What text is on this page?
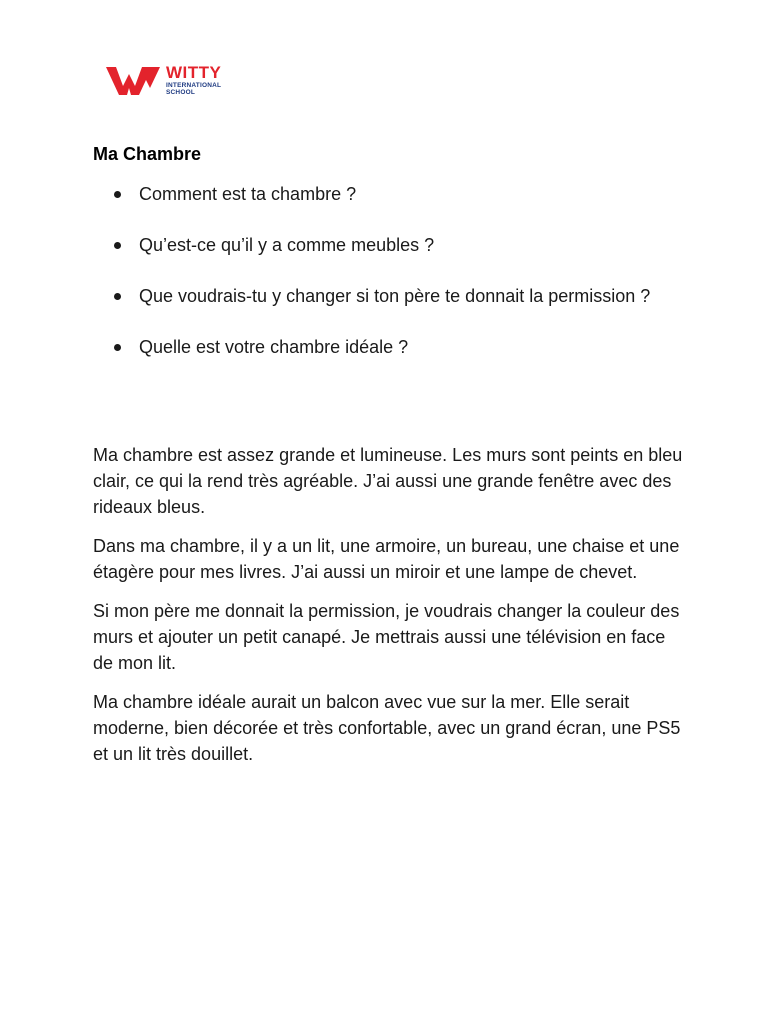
WITTY
INTERNATIONAL SCHOOL
Ma Chambre
Comment est ta chambre ?
Qu’est-ce qu’il y a comme meubles ?
Que voudrais-tu y changer si ton père te donnait la permission ?
Quelle est votre chambre idéale ?

Ma chambre est assez grande et lumineuse. Les murs sont peints en bleu clair, ce qui la rend très agréable. J’ai aussi une grande fenêtre avec des rideaux bleus.

Dans ma chambre, il y a un lit, une armoire, un bureau, une chaise et une étagère pour mes livres. J’ai aussi un miroir et une lampe de chevet.

Si mon père me donnait la permission, je voudrais changer la couleur des murs et ajouter un petit canapé. Je mettrais aussi une télévision en face de mon lit.

Ma chambre idéale aurait un balcon avec vue sur la mer. Elle serait moderne, bien décorée et très confortable, avec un grand écran, une PS5 et un lit très douillet.
